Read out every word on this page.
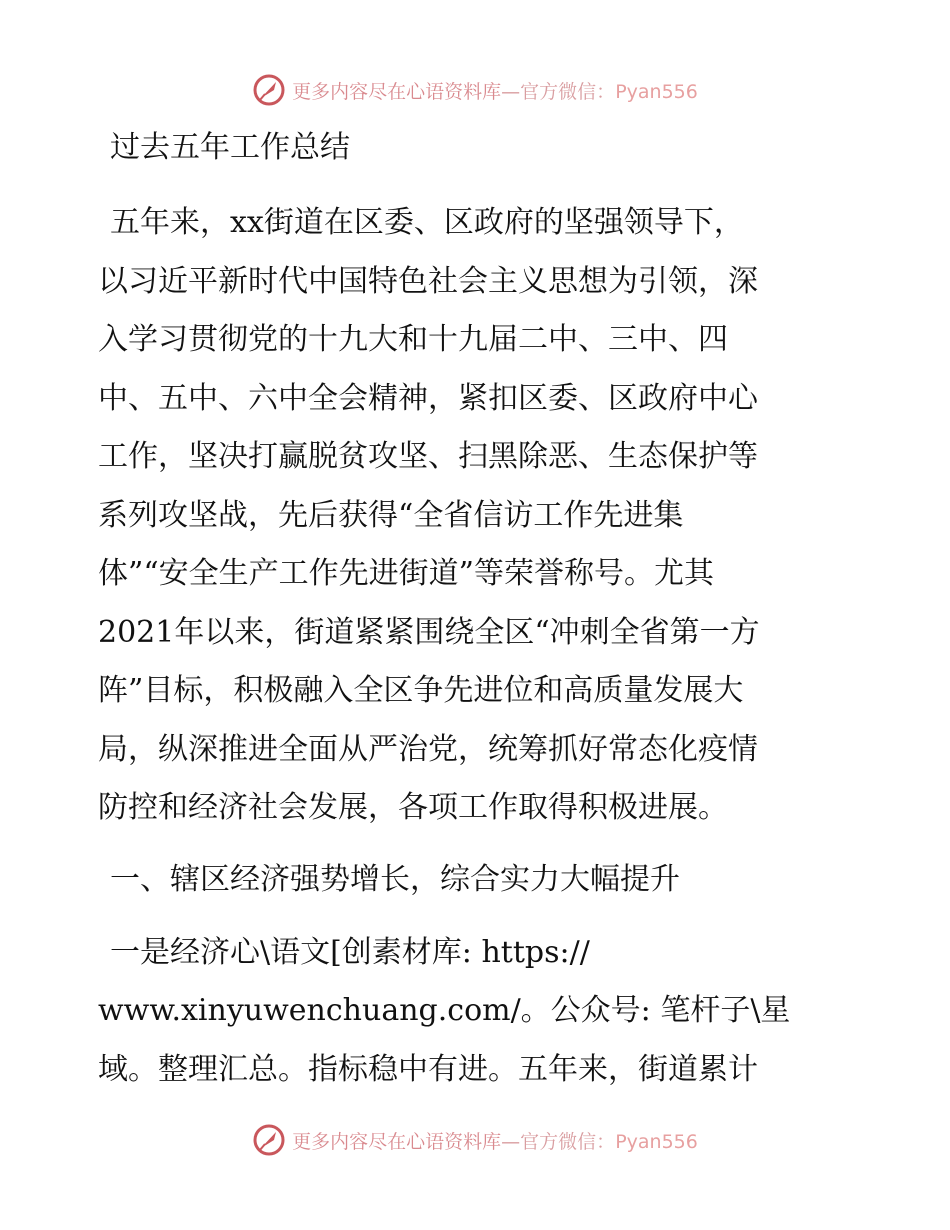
更多内容尽在心语资料库—官方微信：Pyan556
过去五年工作总结
五年来，xx街道在区委、区政府的坚强领导下，
以习近平新时代中国特色社会主义思想为引领，深
入学习贯彻党的十九大和十九届二中、三中、四
中、五中、六中全会精神，紧扣区委、区政府中心
工作，坚决打赢脱贫攻坚、扫黑除恶、生态保护等
系列攻坚战，先后获得“全省信访工作先进集
体”“安全生产工作先进街道”等荣誉称号。尤其
2021年以来，街道紧紧围绕全区“冲刺全省第一方
阵”目标，积极融入全区争先进位和高质量发展大
局，纵深推进全面从严治党，统筹抓好常态化疫情
防控和经济社会发展，各项工作取得积极进展。
一、辖区经济强势增长，综合实力大幅提升
一是经济心\语文[创素材库: https://
www.xinyuwenchuang.com/。公众号: 笔杆子\星
域。整理汇总。指标稳中有进。五年来，街道累计
更多内容尽在心语资料库—官方微信：Pyan556
